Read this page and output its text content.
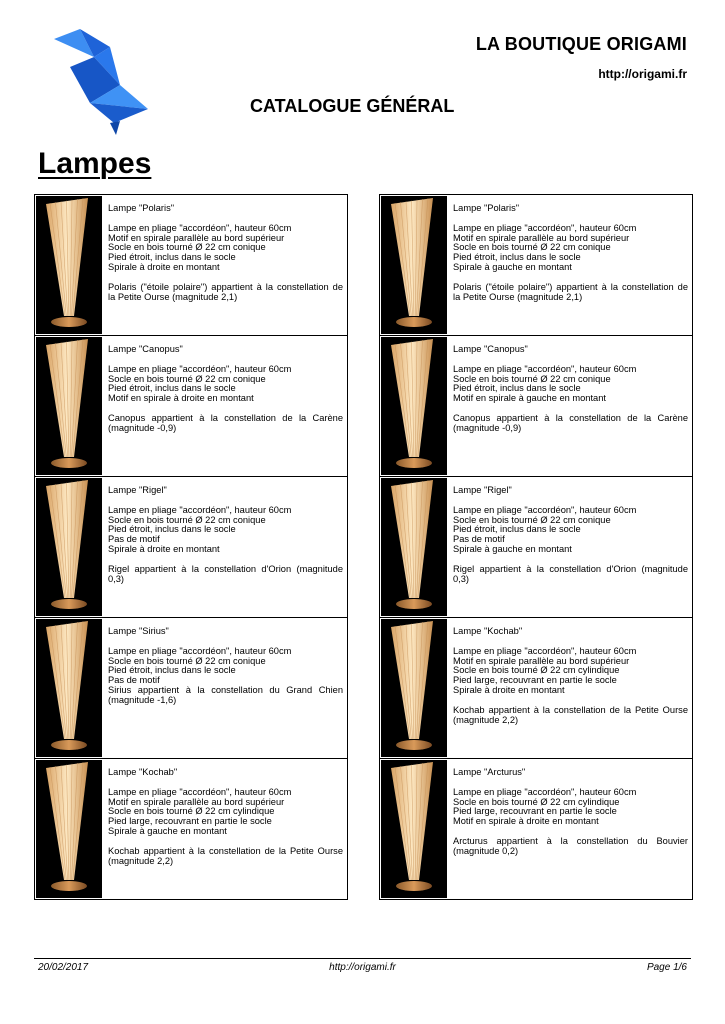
LA BOUTIQUE ORIGAMI
http://origami.fr
CATALOGUE GÉNÉRAL
Lampes

Lampe "Polaris"

Lampe en pliage "accordéon", hauteur 60cm

Motif en spirale parallèle au bord supérieur

Socle en bois tourné Ø 22 cm conique

Pied étroit, inclus dans le socle

Spirale à droite en montant

Polaris ("étoile polaire") appartient à la constellation de la Petite Ourse (magnitude 2,1)

Lampe "Canopus"

Lampe en pliage "accordéon", hauteur 60cm

Socle en bois tourné Ø 22 cm conique

Pied étroit, inclus dans le socle

Motif en spirale à droite en montant

Canopus appartient à la constellation de la Carène (magnitude -0,9)

Lampe "Rigel"

Lampe en pliage "accordéon", hauteur 60cm

Socle en bois tourné Ø 22 cm conique

Pied étroit, inclus dans le socle

Pas de motif

Spirale à droite en montant

Rigel appartient à la constellation d'Orion (magnitude 0,3)

Lampe "Sirius"

Lampe en pliage "accordéon", hauteur 60cm

Socle en bois tourné Ø 22 cm conique

Pied étroit, inclus dans le socle

Pas de motif

Sirius appartient à la constellation du Grand Chien (magnitude -1,6)

Lampe "Kochab"

Lampe en pliage "accordéon", hauteur 60cm

Motif en spirale parallèle au bord supérieur

Socle en bois tourné Ø 22 cm cylindique

Pied large, recouvrant en partie le socle

Spirale à gauche en montant

Kochab appartient à la constellation de la Petite Ourse (magnitude 2,2)

Lampe "Polaris"

Lampe en pliage "accordéon", hauteur 60cm

Motif en spirale parallèle au bord supérieur

Socle en bois tourné Ø 22 cm conique

Pied étroit, inclus dans le socle

Spirale à gauche en montant

Polaris ("étoile polaire") appartient à la constellation de la Petite Ourse (magnitude 2,1)

Lampe "Canopus"

Lampe en pliage "accordéon", hauteur 60cm

Socle en bois tourné Ø 22 cm conique

Pied étroit, inclus dans le socle

Motif en spirale à gauche en montant

Canopus appartient à la constellation de la Carène (magnitude -0,9)

Lampe "Rigel"

Lampe en pliage "accordéon", hauteur 60cm

Socle en bois tourné Ø 22 cm conique

Pied étroit, inclus dans le socle

Pas de motif

Spirale à gauche en montant

Rigel appartient à la constellation d'Orion (magnitude 0,3)

Lampe "Kochab"

Lampe en pliage "accordéon", hauteur 60cm

Motif en spirale parallèle au bord supérieur

Socle en bois tourné Ø 22 cm cylindique

Pied large, recouvrant en partie le socle

Spirale à droite en montant

Kochab appartient à la constellation de la Petite Ourse (magnitude 2,2)

Lampe "Arcturus"

Lampe en pliage "accordéon", hauteur 60cm

Socle en bois tourné Ø 22 cm cylindique

Pied large, recouvrant en partie le socle

Motif en spirale à droite en montant

Arcturus appartient à la constellation du Bouvier (magnitude 0,2)

20/02/2017	http://origami.fr	Page 1/6
